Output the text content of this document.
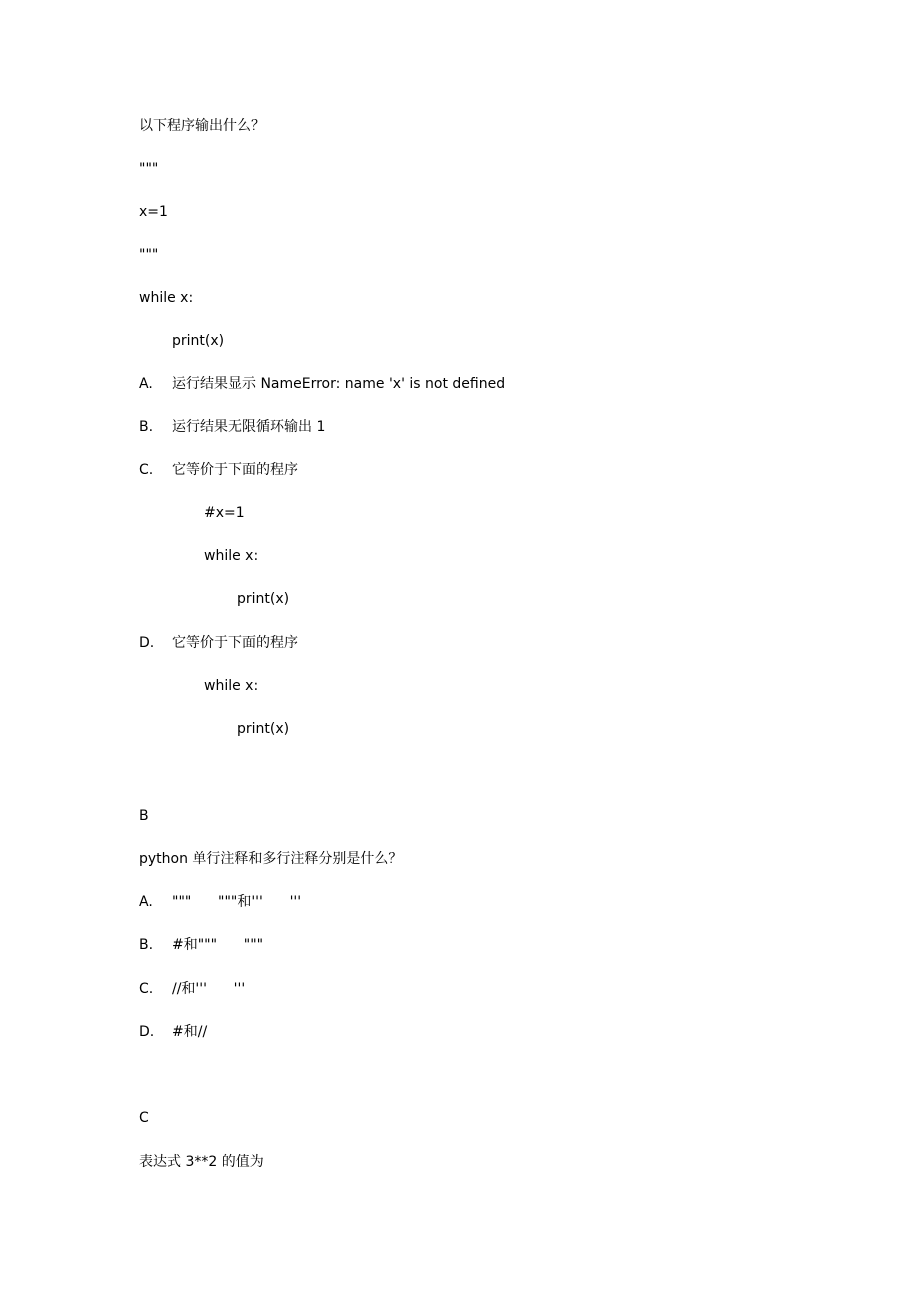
以下程序输出什么？
"""
x=1
"""
while x:
print(x)
A. 运行结果显示 NameError: name 'x' is not defined
B. 运行结果无限循环输出 1
C. 它等价于下面的程序
#x=1
while x:
print(x)
D. 它等价于下面的程序
while x:
print(x)
B
python 单行注释和多行注释分别是什么？
A. """      """和'''      '''
B. #和"""      """
C. //和'''      '''
D. #和//
C
表达式 3**2 的值为
